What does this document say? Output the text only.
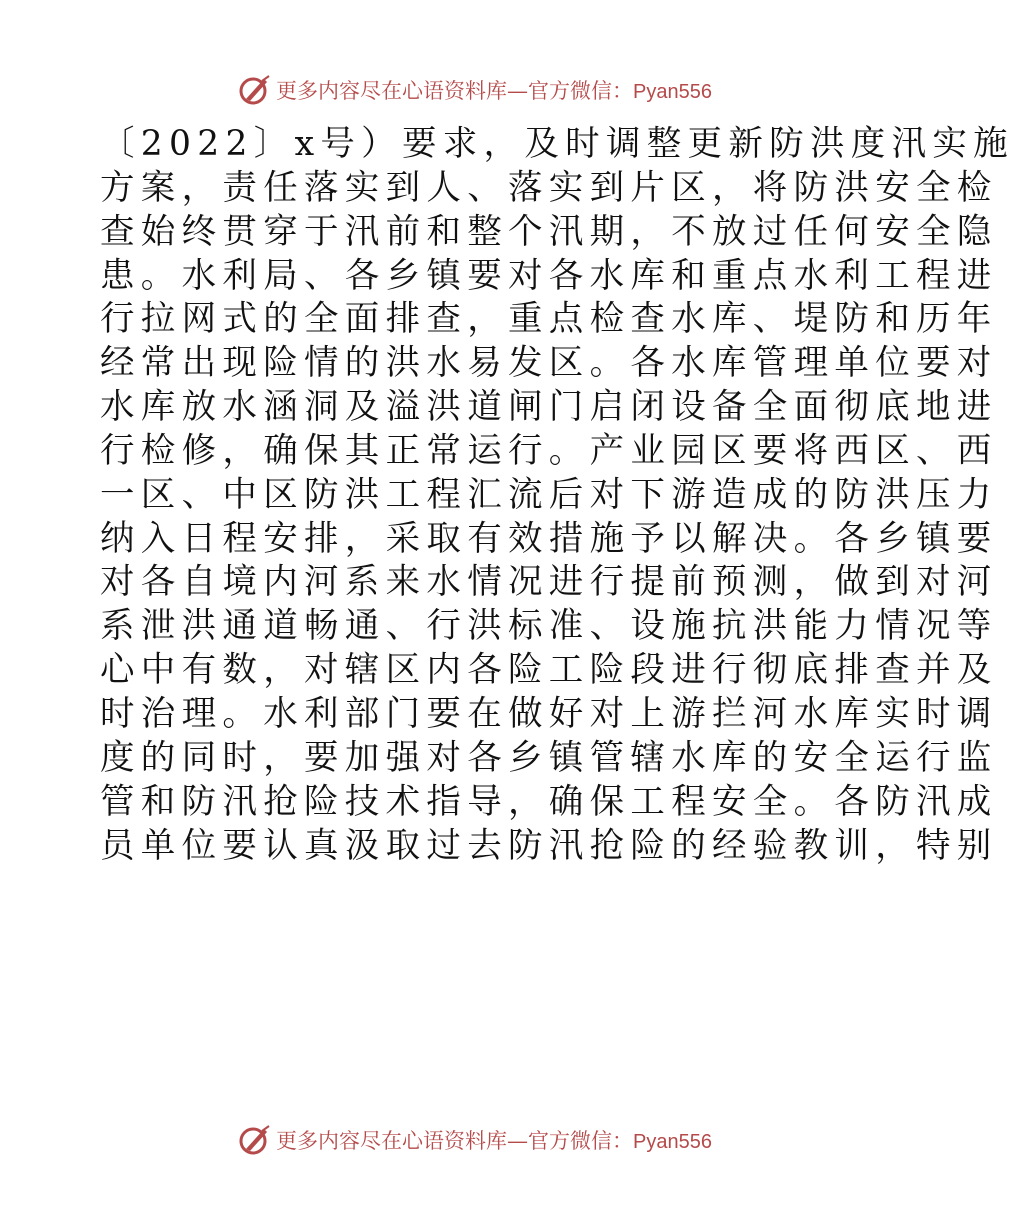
更多内容尽在心语资料库—官方微信：Pyan556
〔2022〕x号）要求，及时调整更新防洪度汛实施
方案，责任落实到人、落实到片区，将防洪安全检
查始终贯穿于汛前和整个汛期，不放过任何安全隐
患。水利局、各乡镇要对各水库和重点水利工程进
行拉网式的全面排查，重点检查水库、堤防和历年
经常出现险情的洪水易发区。各水库管理单位要对
水库放水涵洞及溢洪道闸门启闭设备全面彻底地进
行检修，确保其正常运行。产业园区要将西区、西
一区、中区防洪工程汇流后对下游造成的防洪压力
纳入日程安排，采取有效措施予以解决。各乡镇要
对各自境内河系来水情况进行提前预测，做到对河
系泄洪通道畅通、行洪标准、设施抗洪能力情况等
心中有数，对辖区内各险工险段进行彻底排查并及
时治理。水利部门要在做好对上游拦河水库实时调
度的同时，要加强对各乡镇管辖水库的安全运行监
管和防汛抢险技术指导，确保工程安全。各防汛成
员单位要认真汲取过去防汛抢险的经验教训，特别
更多内容尽在心语资料库—官方微信：Pyan556
